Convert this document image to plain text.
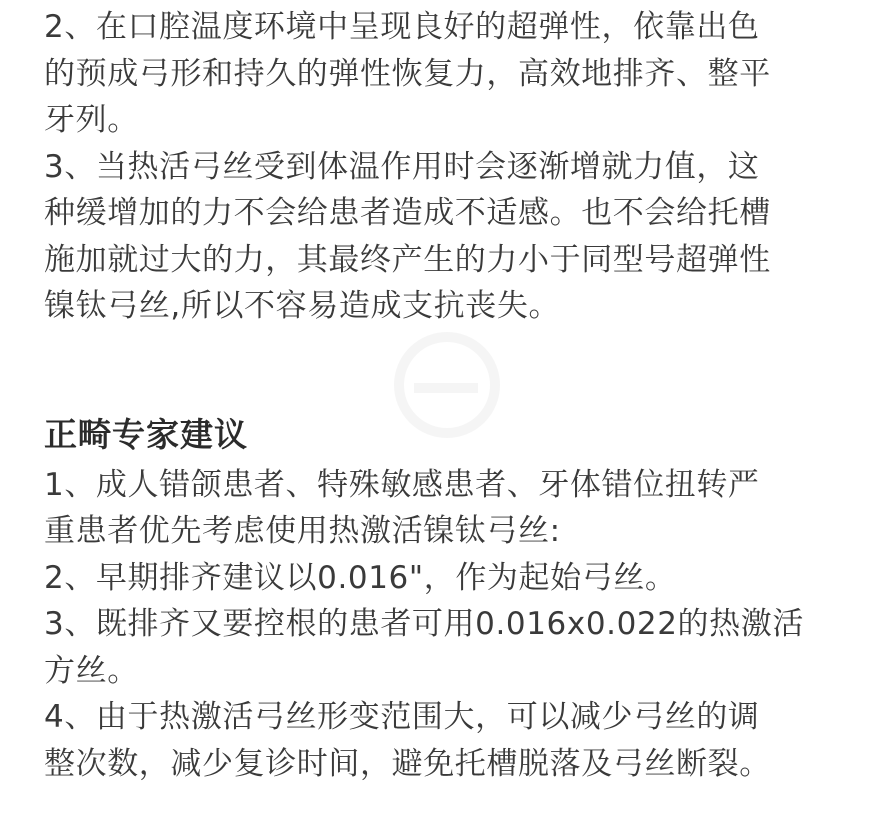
2、在口腔温度环境中呈现良好的超弹性，依靠出色
的预成弓形和持久的弹性恢复力，高效地排齐、整平
牙列。
3、当热活弓丝受到体温作用时会逐渐增就力值，这
种缓增加的力不会给患者造成不适感。也不会给托槽
施加就过大的力，其最终产生的力小于同型号超弹性
镍钛弓丝,所以不容易造成支抗丧失。
正畸专家建议
1、成人错颌患者、特殊敏感患者、牙体错位扭转严
重患者优先考虑使用热激活镍钛弓丝:
2、早期排齐建议以0.016"，作为起始弓丝。
3、既排齐又要控根的患者可用0.016x0.022的热激活
方丝。
4、由于热激活弓丝形变范围大，可以减少弓丝的调
整次数，减少复诊时间，避免托槽脱落及弓丝断裂。
